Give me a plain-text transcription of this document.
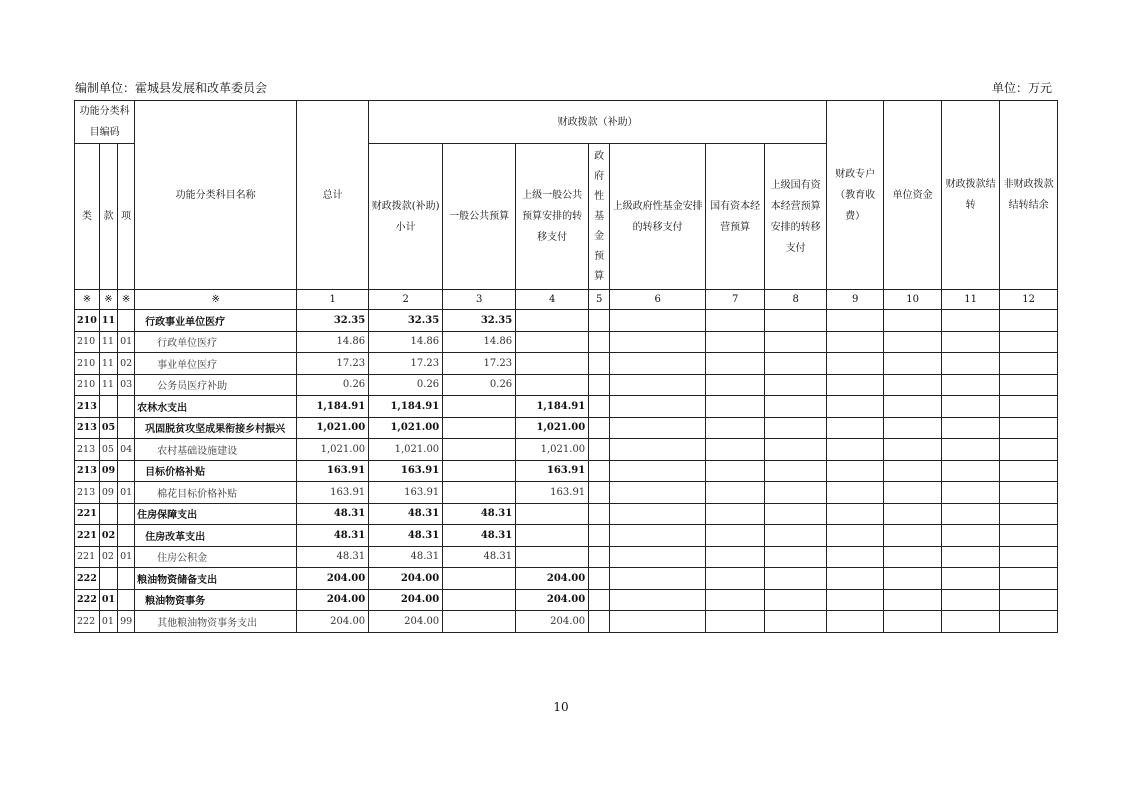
编制单位：霍城县发展和改革委员会	单位：万元
功能分类科目编码			功能分类科目名称	总计	财政拨款（补助）							财政专户（教育收费）	单位资金	财政拨款结转	非财政拨款结转结余
类	款	项			财政拨款(补助)小计	一般公共预算	上级一般公共预算安排的转移支付	政府性基金预算	上级政府性基金安排的转移支付	国有资本经营预算	上级国有资本经营预算安排的转移支付				
※	※	※	※	1	2	3	4	5	6	7	8	9	10	11	12
210	11		行政事业单位医疗	32.35	32.35	32.35									
210	11	01	行政单位医疗	14.86	14.86	14.86									
210	11	02	事业单位医疗	17.23	17.23	17.23									
210	11	03	公务员医疗补助	0.26	0.26	0.26									
213			农林水支出	1,184.91	1,184.91		1,184.91								
213	05		巩固脱贫攻坚成果衔接乡村振兴	1,021.00	1,021.00		1,021.00								
213	05	04	农村基础设施建设	1,021.00	1,021.00		1,021.00								
213	09		目标价格补贴	163.91	163.91		163.91								
213	09	01	棉花目标价格补贴	163.91	163.91		163.91								
221			住房保障支出	48.31	48.31	48.31									
221	02		住房改革支出	48.31	48.31	48.31									
221	02	01	住房公积金	48.31	48.31	48.31									
222			粮油物资储备支出	204.00	204.00		204.00								
222	01		粮油物资事务	204.00	204.00		204.00								
222	01	99	其他粮油物资事务支出	204.00	204.00		204.00								
10
